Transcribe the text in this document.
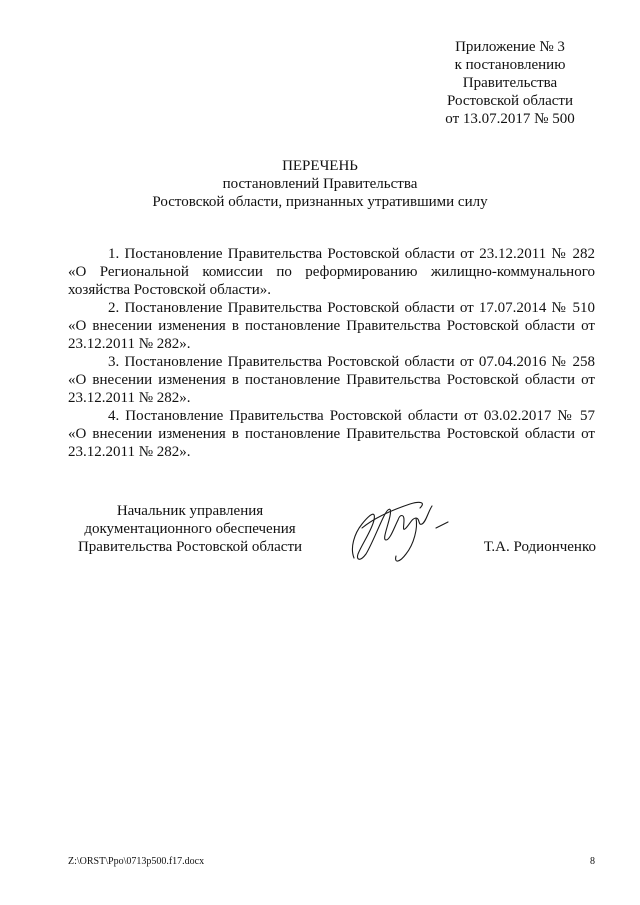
Приложение № 3
к постановлению
Правительства
Ростовской области
от 13.07.2017 № 500
ПЕРЕЧЕНЬ
постановлений Правительства
Ростовской области, признанных утратившими силу

1. Постановление Правительства Ростовской области от 23.12.2011 № 282 «О Региональной комиссии по реформированию жилищно-коммунального хозяйства Ростовской области».

2. Постановление Правительства Ростовской области от 17.07.2014 № 510 «О внесении изменения в постановление Правительства Ростовской области от 23.12.2011 № 282».

3. Постановление Правительства Ростовской области от 07.04.2016 № 258 «О внесении изменения в постановление Правительства Ростовской области от 23.12.2011 № 282».

4. Постановление Правительства Ростовской области от 03.02.2017 № 57 «О внесении изменения в постановление Правительства Ростовской области от 23.12.2011 № 282».

Начальник управления
документационного обеспечения
Правительства Ростовской области	Т.А. Родионченко
Z:\ORST\Ppo\0713p500.f17.docx	8
